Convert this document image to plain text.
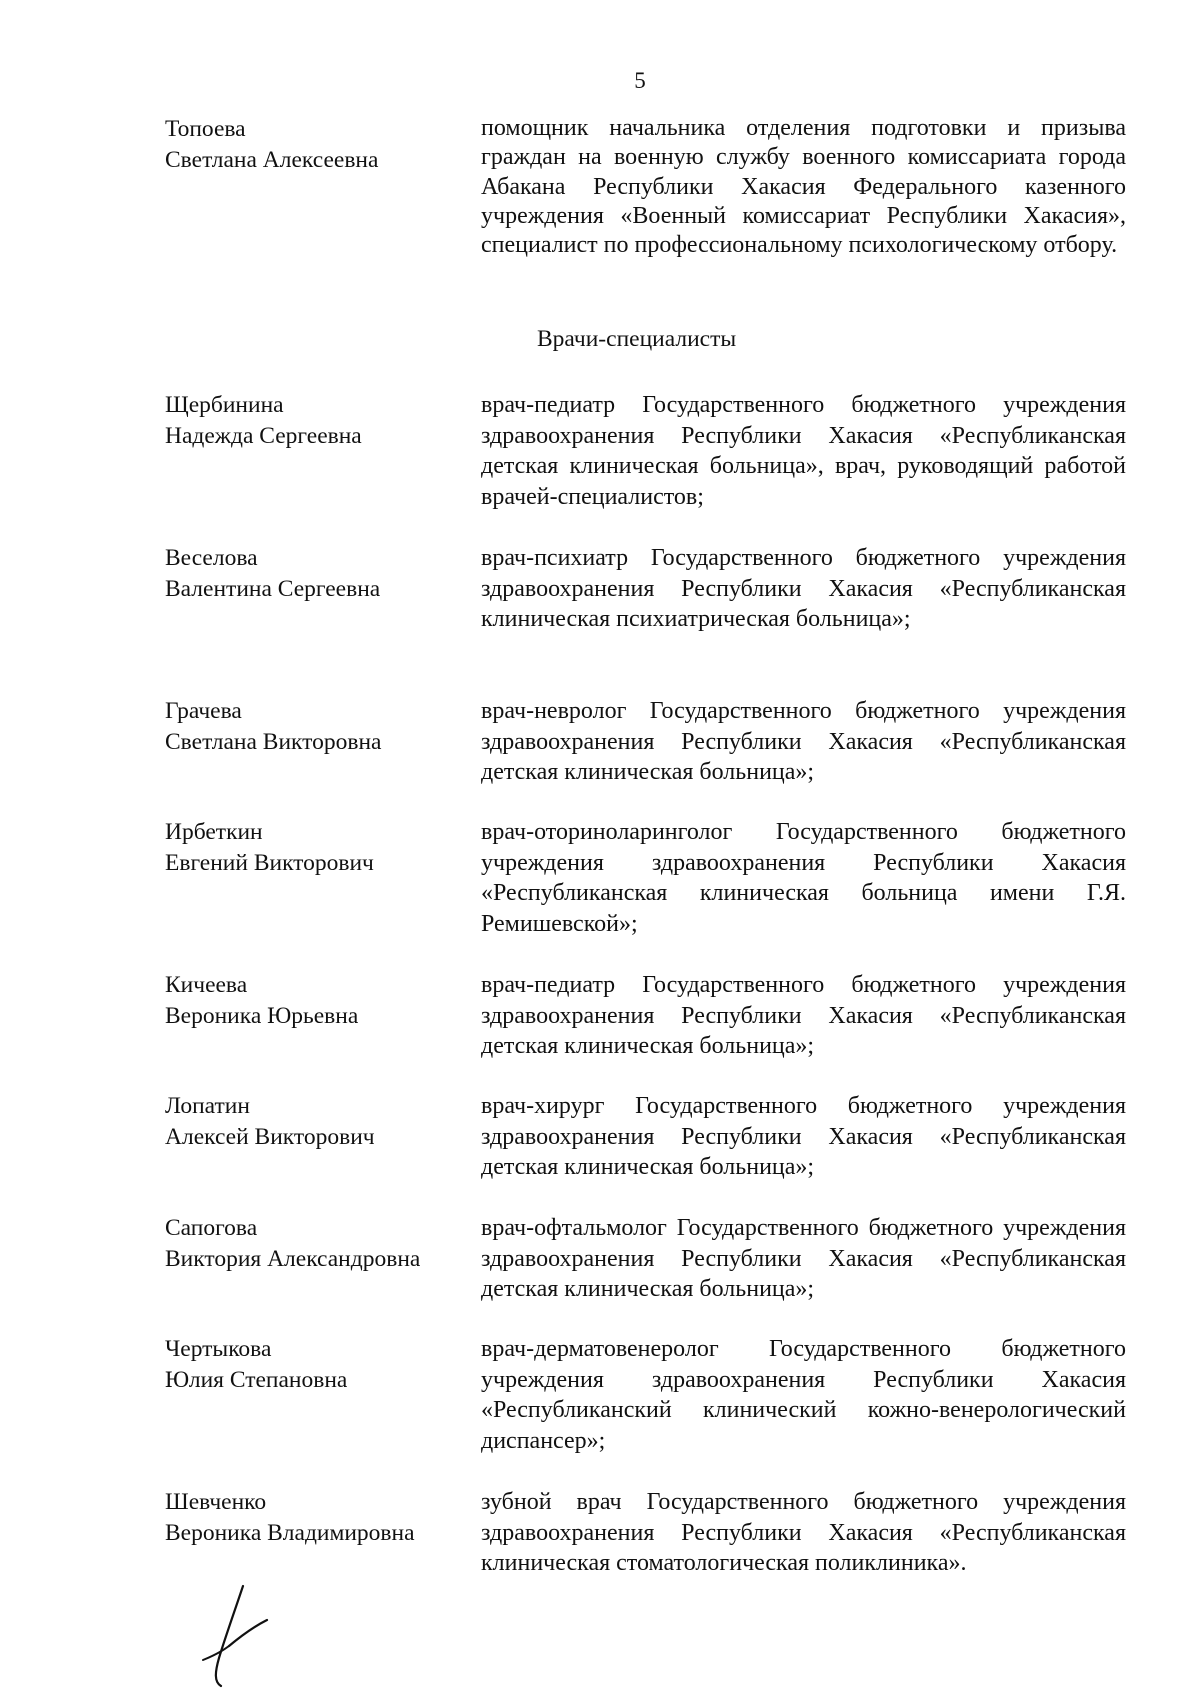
5
Топоева
Светлана Алексеевна
помощник начальника отделения подготовки и призыва граждан на военную службу военного комиссариата города Абакана Республики Хакасия Федерального казенного учреждения «Военный комиссариат Республики Хакасия», специалист по профессиональному психологическому отбору.
Врачи-специалисты
Щербинина
Надежда Сергеевна
врач-педиатр Государственного бюджетного учреждения здравоохранения Республики Хакасия «Республиканская детская клиническая больница», врач, руководящий работой врачей-специалистов;
Веселова
Валентина Сергеевна
врач-психиатр Государственного бюджетного учреждения здравоохранения Республики Хакасия «Республиканская клиническая психиатрическая больница»;
Грачева
Светлана Викторовна
врач-невролог Государственного бюджетного учреждения здравоохранения Республики Хакасия «Республиканская детская клиническая больница»;
Ирбеткин
Евгений Викторович
врач-оториноларинголог Государственного бюджетного учреждения здравоохранения Республики Хакасия «Республиканская клиническая больница имени Г.Я. Ремишевской»;
Кичеева
Вероника Юрьевна
врач-педиатр Государственного бюджетного учреждения здравоохранения Республики Хакасия «Республиканская детская клиническая больница»;
Лопатин
Алексей Викторович
врач-хирург Государственного бюджетного учреждения здравоохранения Республики Хакасия «Республиканская детская клиническая больница»;
Сапогова
Виктория Александровна
врач-офтальмолог Государственного бюджетного учреждения здравоохранения Республики Хакасия «Республиканская детская клиническая больница»;
Чертыкова
Юлия Степановна
врач-дерматовенеролог Государственного бюджетного учреждения здравоохранения Республики Хакасия «Республиканский клинический кожно-венерологический диспансер»;
Шевченко
Вероника Владимировна
зубной врач Государственного бюджетного учреждения здравоохранения Республики Хакасия «Республиканская клиническая стоматологическая поликлиника».
